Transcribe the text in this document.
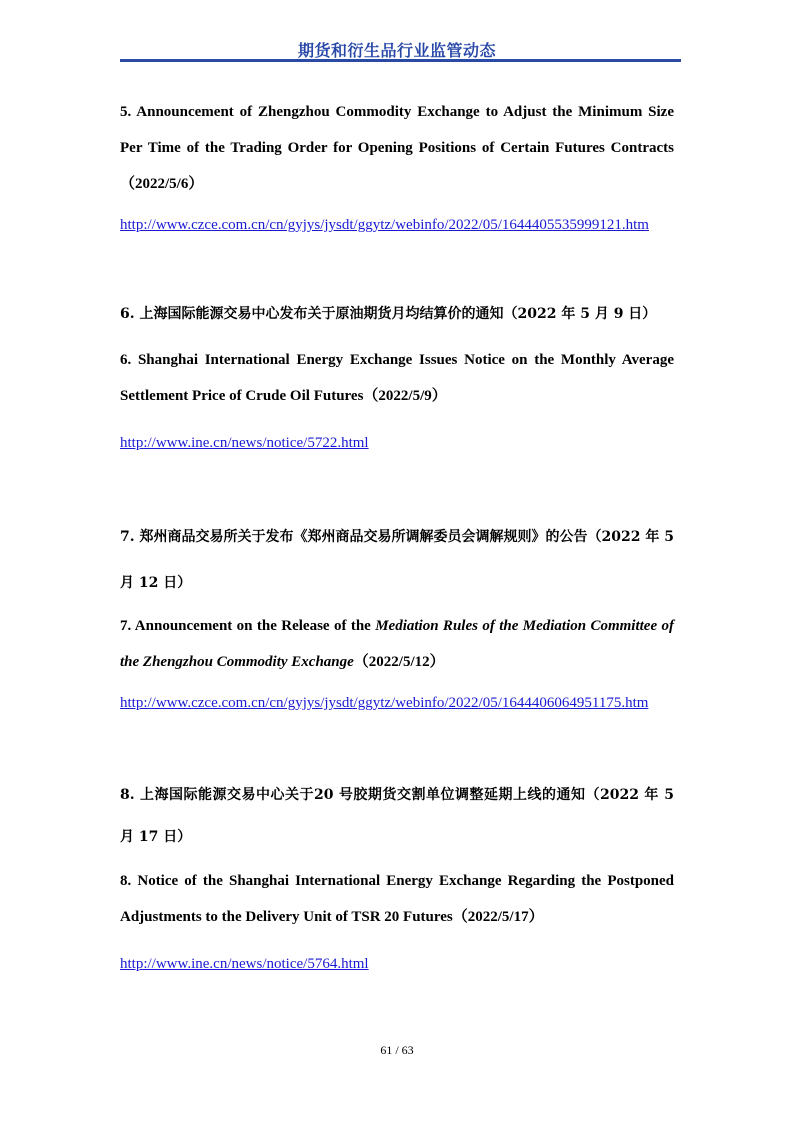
期货和衍生品行业监管动态

5. Announcement of Zhengzhou Commodity Exchange to Adjust the Minimum Size Per Time of the Trading Order for Opening Positions of Certain Futures Contracts（2022/5/6）

http://www.czce.com.cn/cn/gyjys/jysdt/ggytz/webinfo/2022/05/1644405535999121.htm

6. 上海国际能源交易中心发布关于原油期货月均结算价的通知（2022 年 5 月 9 日）

6. Shanghai International Energy Exchange Issues Notice on the Monthly Average Settlement Price of Crude Oil Futures（2022/5/9）

http://www.ine.cn/news/notice/5722.html

7. 郑州商品交易所关于发布《郑州商品交易所调解委员会调解规则》的公告（2022 年 5 月 12 日）

7. Announcement on the Release of the Mediation Rules of the Mediation Committee of the Zhengzhou Commodity Exchange（2022/5/12）

http://www.czce.com.cn/cn/gyjys/jysdt/ggytz/webinfo/2022/05/1644406064951175.htm

8. 上海国际能源交易中心关于20 号胶期货交割单位调整延期上线的通知（2022 年 5 月 17 日）

8. Notice of the Shanghai International Energy Exchange Regarding the Postponed Adjustments to the Delivery Unit of TSR 20 Futures（2022/5/17）

http://www.ine.cn/news/notice/5764.html
61 / 63
